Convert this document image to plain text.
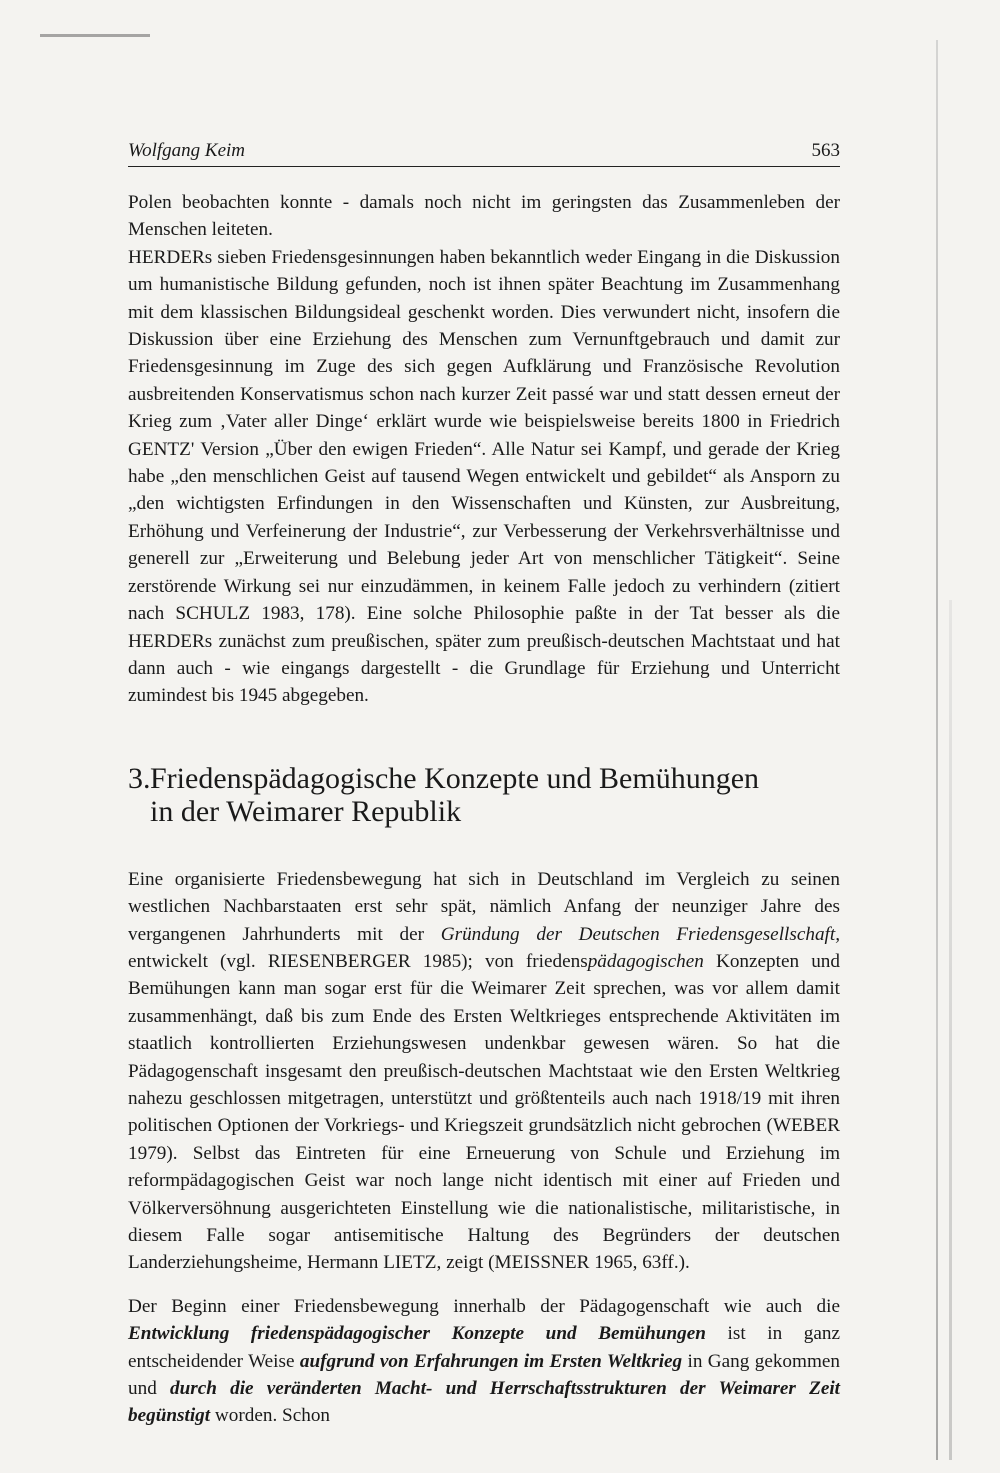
Wolfgang Keim	563

Polen beobachten konnte - damals noch nicht im geringsten das Zusammenleben der Menschen leiteten.

HERDERs sieben Friedensgesinnungen haben bekanntlich weder Eingang in die Diskussion um humanistische Bildung gefunden, noch ist ihnen später Beachtung im Zusammenhang mit dem klassischen Bildungsideal geschenkt worden. Dies verwundert nicht, insofern die Diskussion über eine Erziehung des Menschen zum Vernunftgebrauch und damit zur Friedensgesinnung im Zuge des sich gegen Aufklärung und Französische Revolution ausbreitenden Konservatismus schon nach kurzer Zeit passé war und statt dessen erneut der Krieg zum ‚Vater aller Dinge‘ erklärt wurde wie beispielsweise bereits 1800 in Friedrich GENTZ' Version „Über den ewigen Frieden“. Alle Natur sei Kampf, und gerade der Krieg habe „den menschlichen Geist auf tausend Wegen entwickelt und gebildet“ als Ansporn zu „den wichtigsten Erfindungen in den Wissenschaften und Künsten, zur Ausbreitung, Erhöhung und Verfeinerung der Industrie“, zur Verbesserung der Verkehrsverhältnisse und generell zur „Erweiterung und Belebung jeder Art von menschlicher Tätigkeit“. Seine zerstörende Wirkung sei nur einzudämmen, in keinem Falle jedoch zu verhindern (zitiert nach SCHULZ 1983, 178). Eine solche Philosophie paßte in der Tat besser als die HERDERs zunächst zum preußischen, später zum preußisch-deutschen Machtstaat und hat dann auch - wie eingangs dargestellt - die Grundlage für Erziehung und Unterricht zumindest bis 1945 abgegeben.

3. Friedenspädagogische Konzepte und Bemühungen
in der Weimarer Republik

Eine organisierte Friedensbewegung hat sich in Deutschland im Vergleich zu seinen westlichen Nachbarstaaten erst sehr spät, nämlich Anfang der neunziger Jahre des vergangenen Jahrhunderts mit der Gründung der Deutschen Friedensgesellschaft, entwickelt (vgl. RIESENBERGER 1985); von friedenspädagogischen Konzepten und Bemühungen kann man sogar erst für die Weimarer Zeit sprechen, was vor allem damit zusammenhängt, daß bis zum Ende des Ersten Weltkrieges entsprechende Aktivitäten im staatlich kontrollierten Erziehungswesen undenkbar gewesen wären. So hat die Pädagogenschaft insgesamt den preußisch-deutschen Machtstaat wie den Ersten Weltkrieg nahezu geschlossen mitgetragen, unterstützt und größtenteils auch nach 1918/19 mit ihren politischen Optionen der Vorkriegs- und Kriegszeit grundsätzlich nicht gebrochen (WEBER 1979). Selbst das Eintreten für eine Erneuerung von Schule und Erziehung im reformpädagogischen Geist war noch lange nicht identisch mit einer auf Frieden und Völkerversöhnung ausgerichteten Einstellung wie die nationalistische, militaristische, in diesem Falle sogar antisemitische Haltung des Begründers der deutschen Landerziehungsheime, Hermann LIETZ, zeigt (MEISSNER 1965, 63ff.).

Der Beginn einer Friedensbewegung innerhalb der Pädagogenschaft wie auch die Entwicklung friedenspädagogischer Konzepte und Bemühungen ist in ganz entscheidender Weise aufgrund von Erfahrungen im Ersten Weltkrieg in Gang gekommen und durch die veränderten Macht- und Herrschaftsstrukturen der Weimarer Zeit begünstigt worden. Schon
